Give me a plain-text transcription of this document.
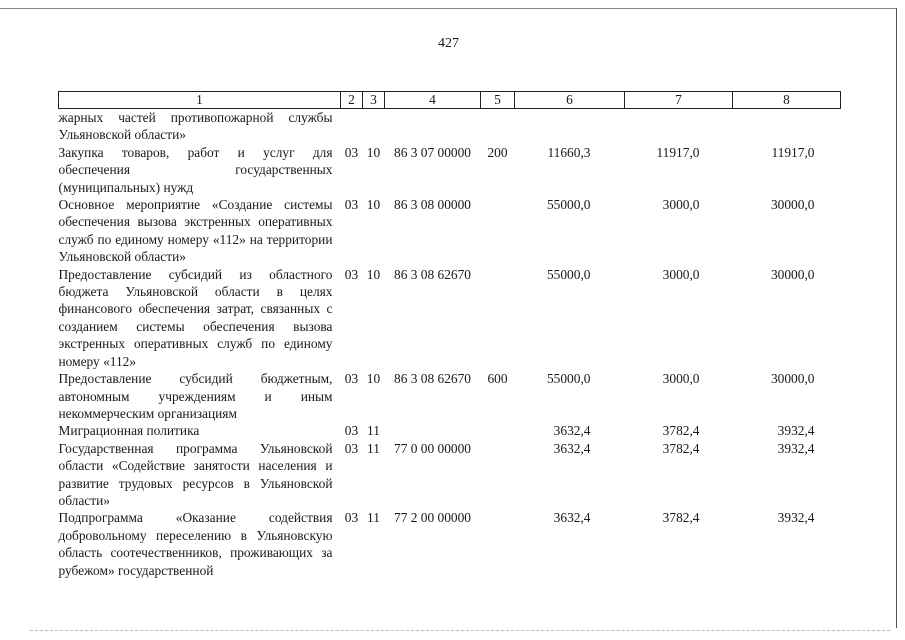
427
1	2	3	4	5	6	7	8
жарных частей противопожарной службы Ульяновской области»							
Закупка товаров, работ и услуг для обеспечения государственных (муниципальных) нужд	03	10	86 3 07 00000	200	11660,3	11917,0	11917,0
Основное мероприятие «Создание системы обеспечения вызова экстренных оперативных служб по единому номеру «112» на территории Ульяновской области»	03	10	86 3 08 00000		55000,0	3000,0	30000,0
Предоставление субсидий из областного бюджета Ульяновской области в целях финансового обеспечения затрат, связанных с созданием системы обеспечения вызова экстренных оперативных служб по единому номеру «112»	03	10	86 3 08 62670		55000,0	3000,0	30000,0
Предоставление субсидий бюджетным, автономным учреждениям и иным некоммерческим организациям	03	10	86 3 08 62670	600	55000,0	3000,0	30000,0
Миграционная политика	03	11			3632,4	3782,4	3932,4
Государственная программа Ульяновской области «Содействие занятости населения и развитие трудовых ресурсов в Ульяновской области»	03	11	77 0 00 00000		3632,4	3782,4	3932,4
Подпрограмма «Оказание содействия добровольному переселению в Ульяновскую область соотечественников, проживающих за рубежом» государственной	03	11	77 2 00 00000		3632,4	3782,4	3932,4
